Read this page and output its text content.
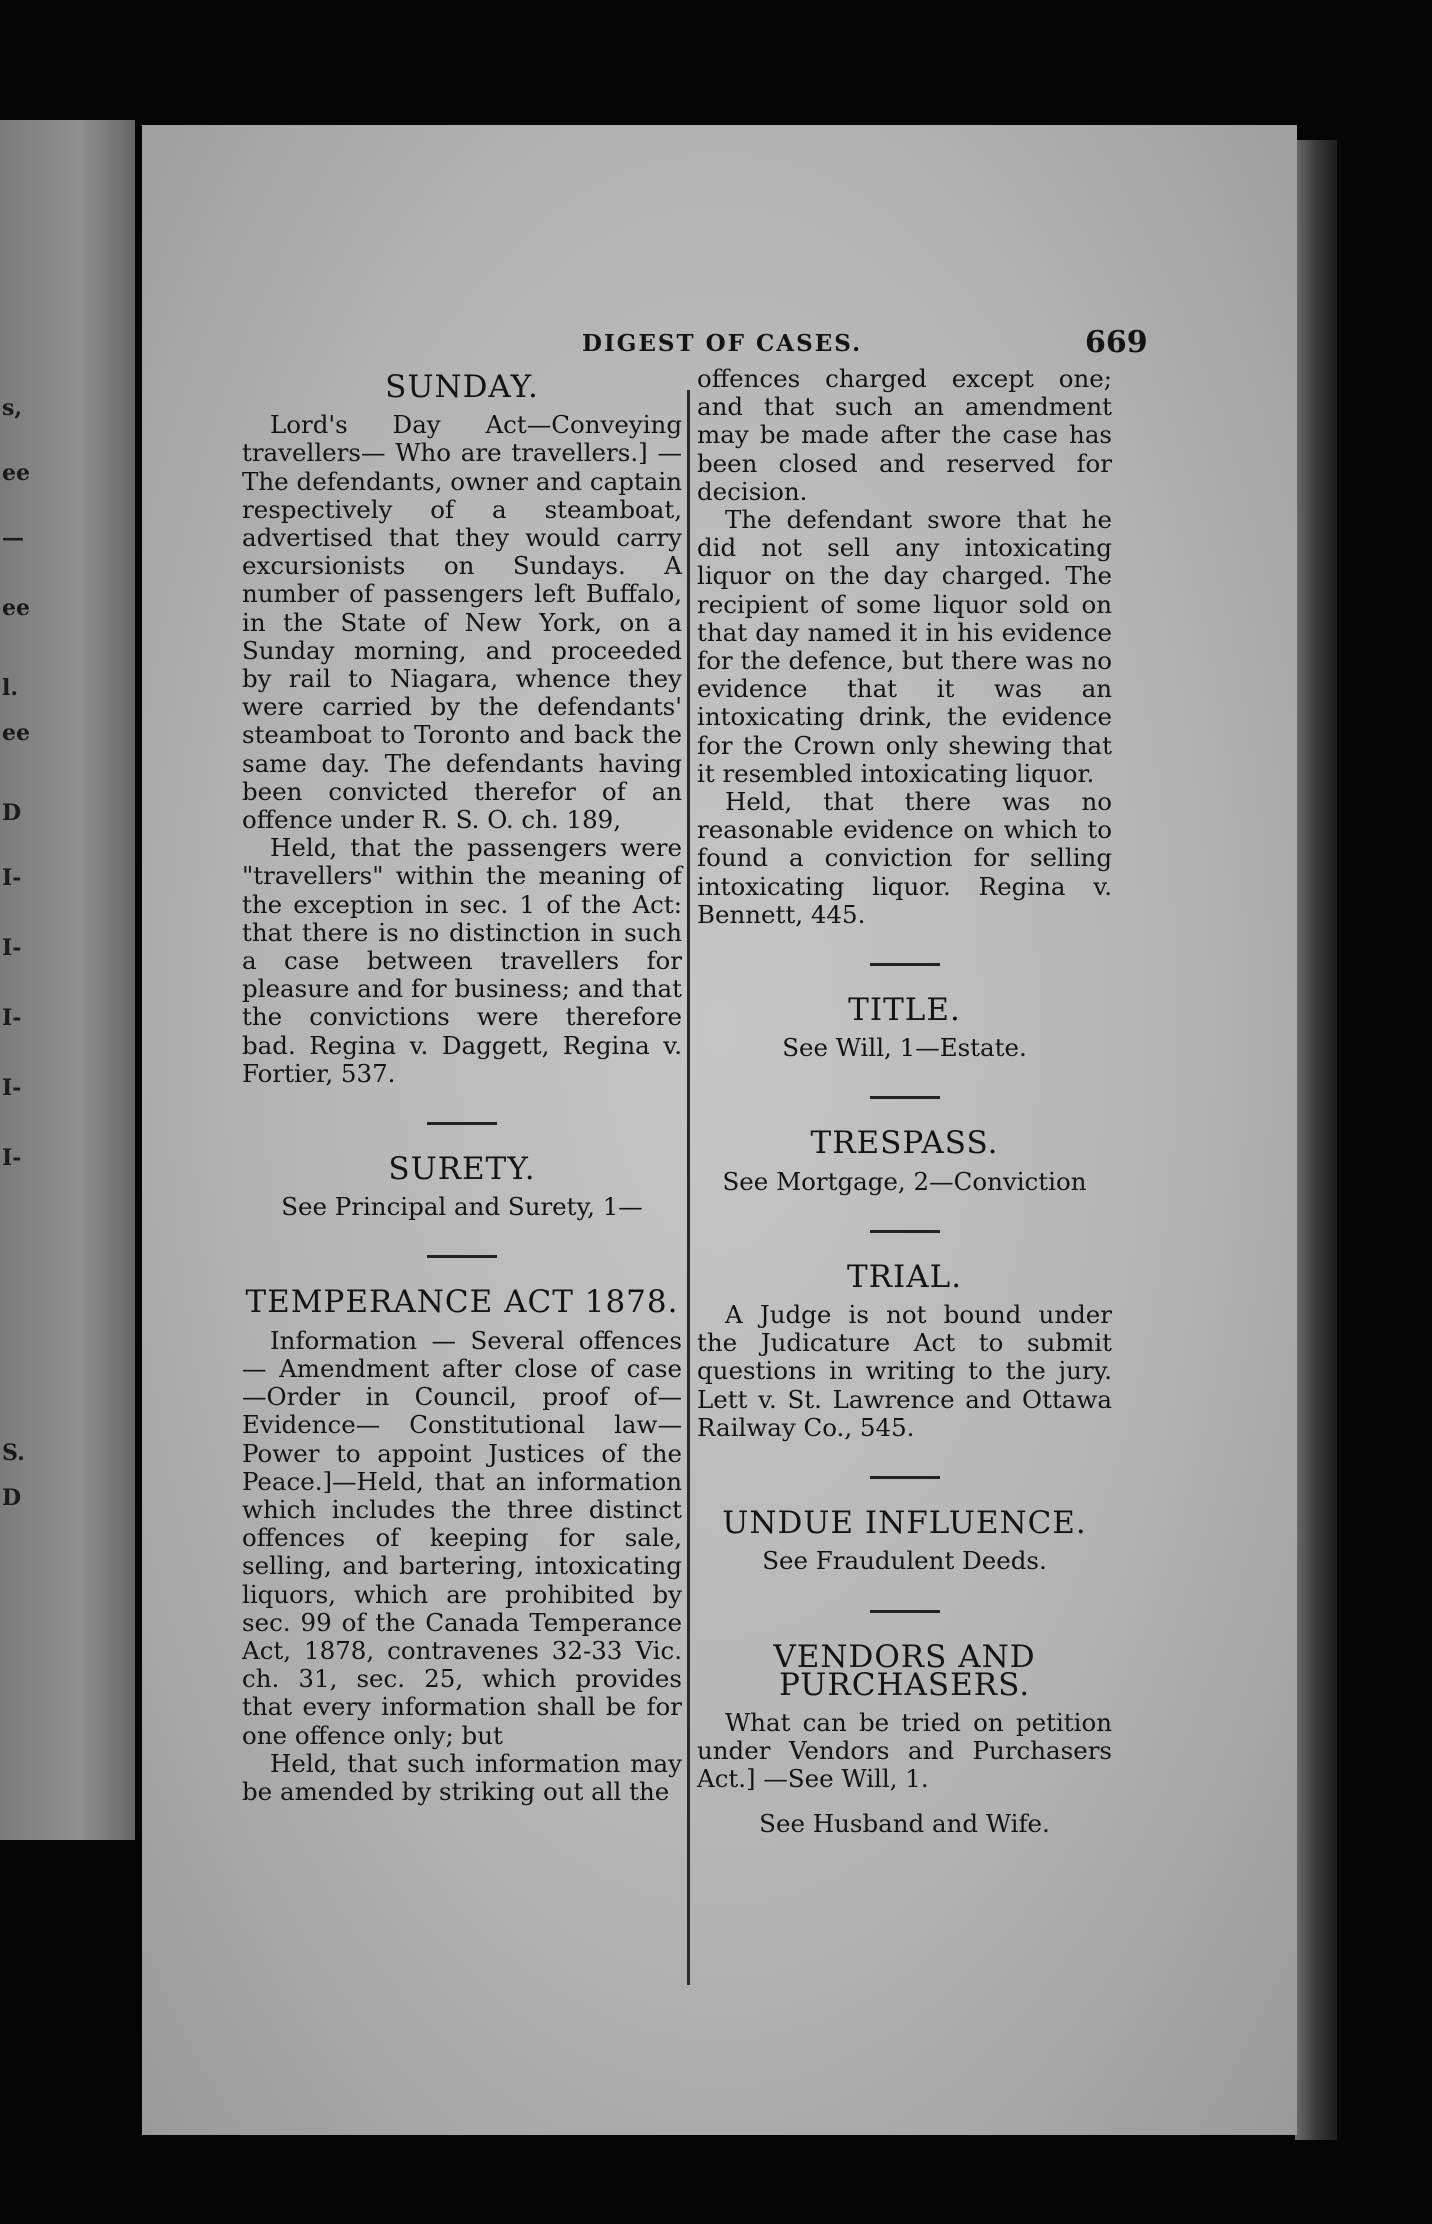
s,
ee
—
ee
l.
ee
D
I-
I-
I-
I-
I-
S.
D
DIGEST OF CASES.	669
SUNDAY.

Lord's Day Act—Conveying travellers— Who are travellers.] — The defendants, owner and captain respectively of a steamboat, advertised that they would carry excursionists on Sundays. A number of passengers left Buffalo, in the State of New York, on a Sunday morning, and proceeded by rail to Niagara, whence they were carried by the defendants' steamboat to Toronto and back the same day. The defendants having been convicted therefor of an offence under R. S. O. ch. 189,

Held, that the passengers were "travellers" within the meaning of the exception in sec. 1 of the Act: that there is no distinction in such a case between travellers for pleasure and for business; and that the convictions were therefore bad. Regina v. Daggett, Regina v. Fortier, 537.

SURETY.
See Principal and Surety, 1—
TEMPERANCE ACT 1878.

Information — Several offences — Amendment after close of case—Order in Council, proof of— Evidence— Constitutional law—Power to appoint Justices of the Peace.]—Held, that an information which includes the three distinct offences of keeping for sale, selling, and bartering, intoxicating liquors, which are prohibited by sec. 99 of the Canada Temperance Act, 1878, contravenes 32-33 Vic. ch. 31, sec. 25, which provides that every information shall be for one offence only; but

Held, that such information may be amended by striking out all the

offences charged except one; and that such an amendment may be made after the case has been closed and reserved for decision.

The defendant swore that he did not sell any intoxicating liquor on the day charged. The recipient of some liquor sold on that day named it in his evidence for the defence, but there was no evidence that it was an intoxicating drink, the evidence for the Crown only shewing that it resembled intoxicating liquor.

Held, that there was no reasonable evidence on which to found a conviction for selling intoxicating liquor. Regina v. Bennett, 445.

TITLE.
See Will, 1—Estate.
TRESPASS.
See Mortgage, 2—Conviction
TRIAL.

A Judge is not bound under the Judicature Act to submit questions in writing to the jury. Lett v. St. Lawrence and Ottawa Railway Co., 545.

UNDUE INFLUENCE.
See Fraudulent Deeds.
VENDORS AND PURCHASERS.

What can be tried on petition under Vendors and Purchasers Act.] —See Will, 1.

See Husband and Wife.
